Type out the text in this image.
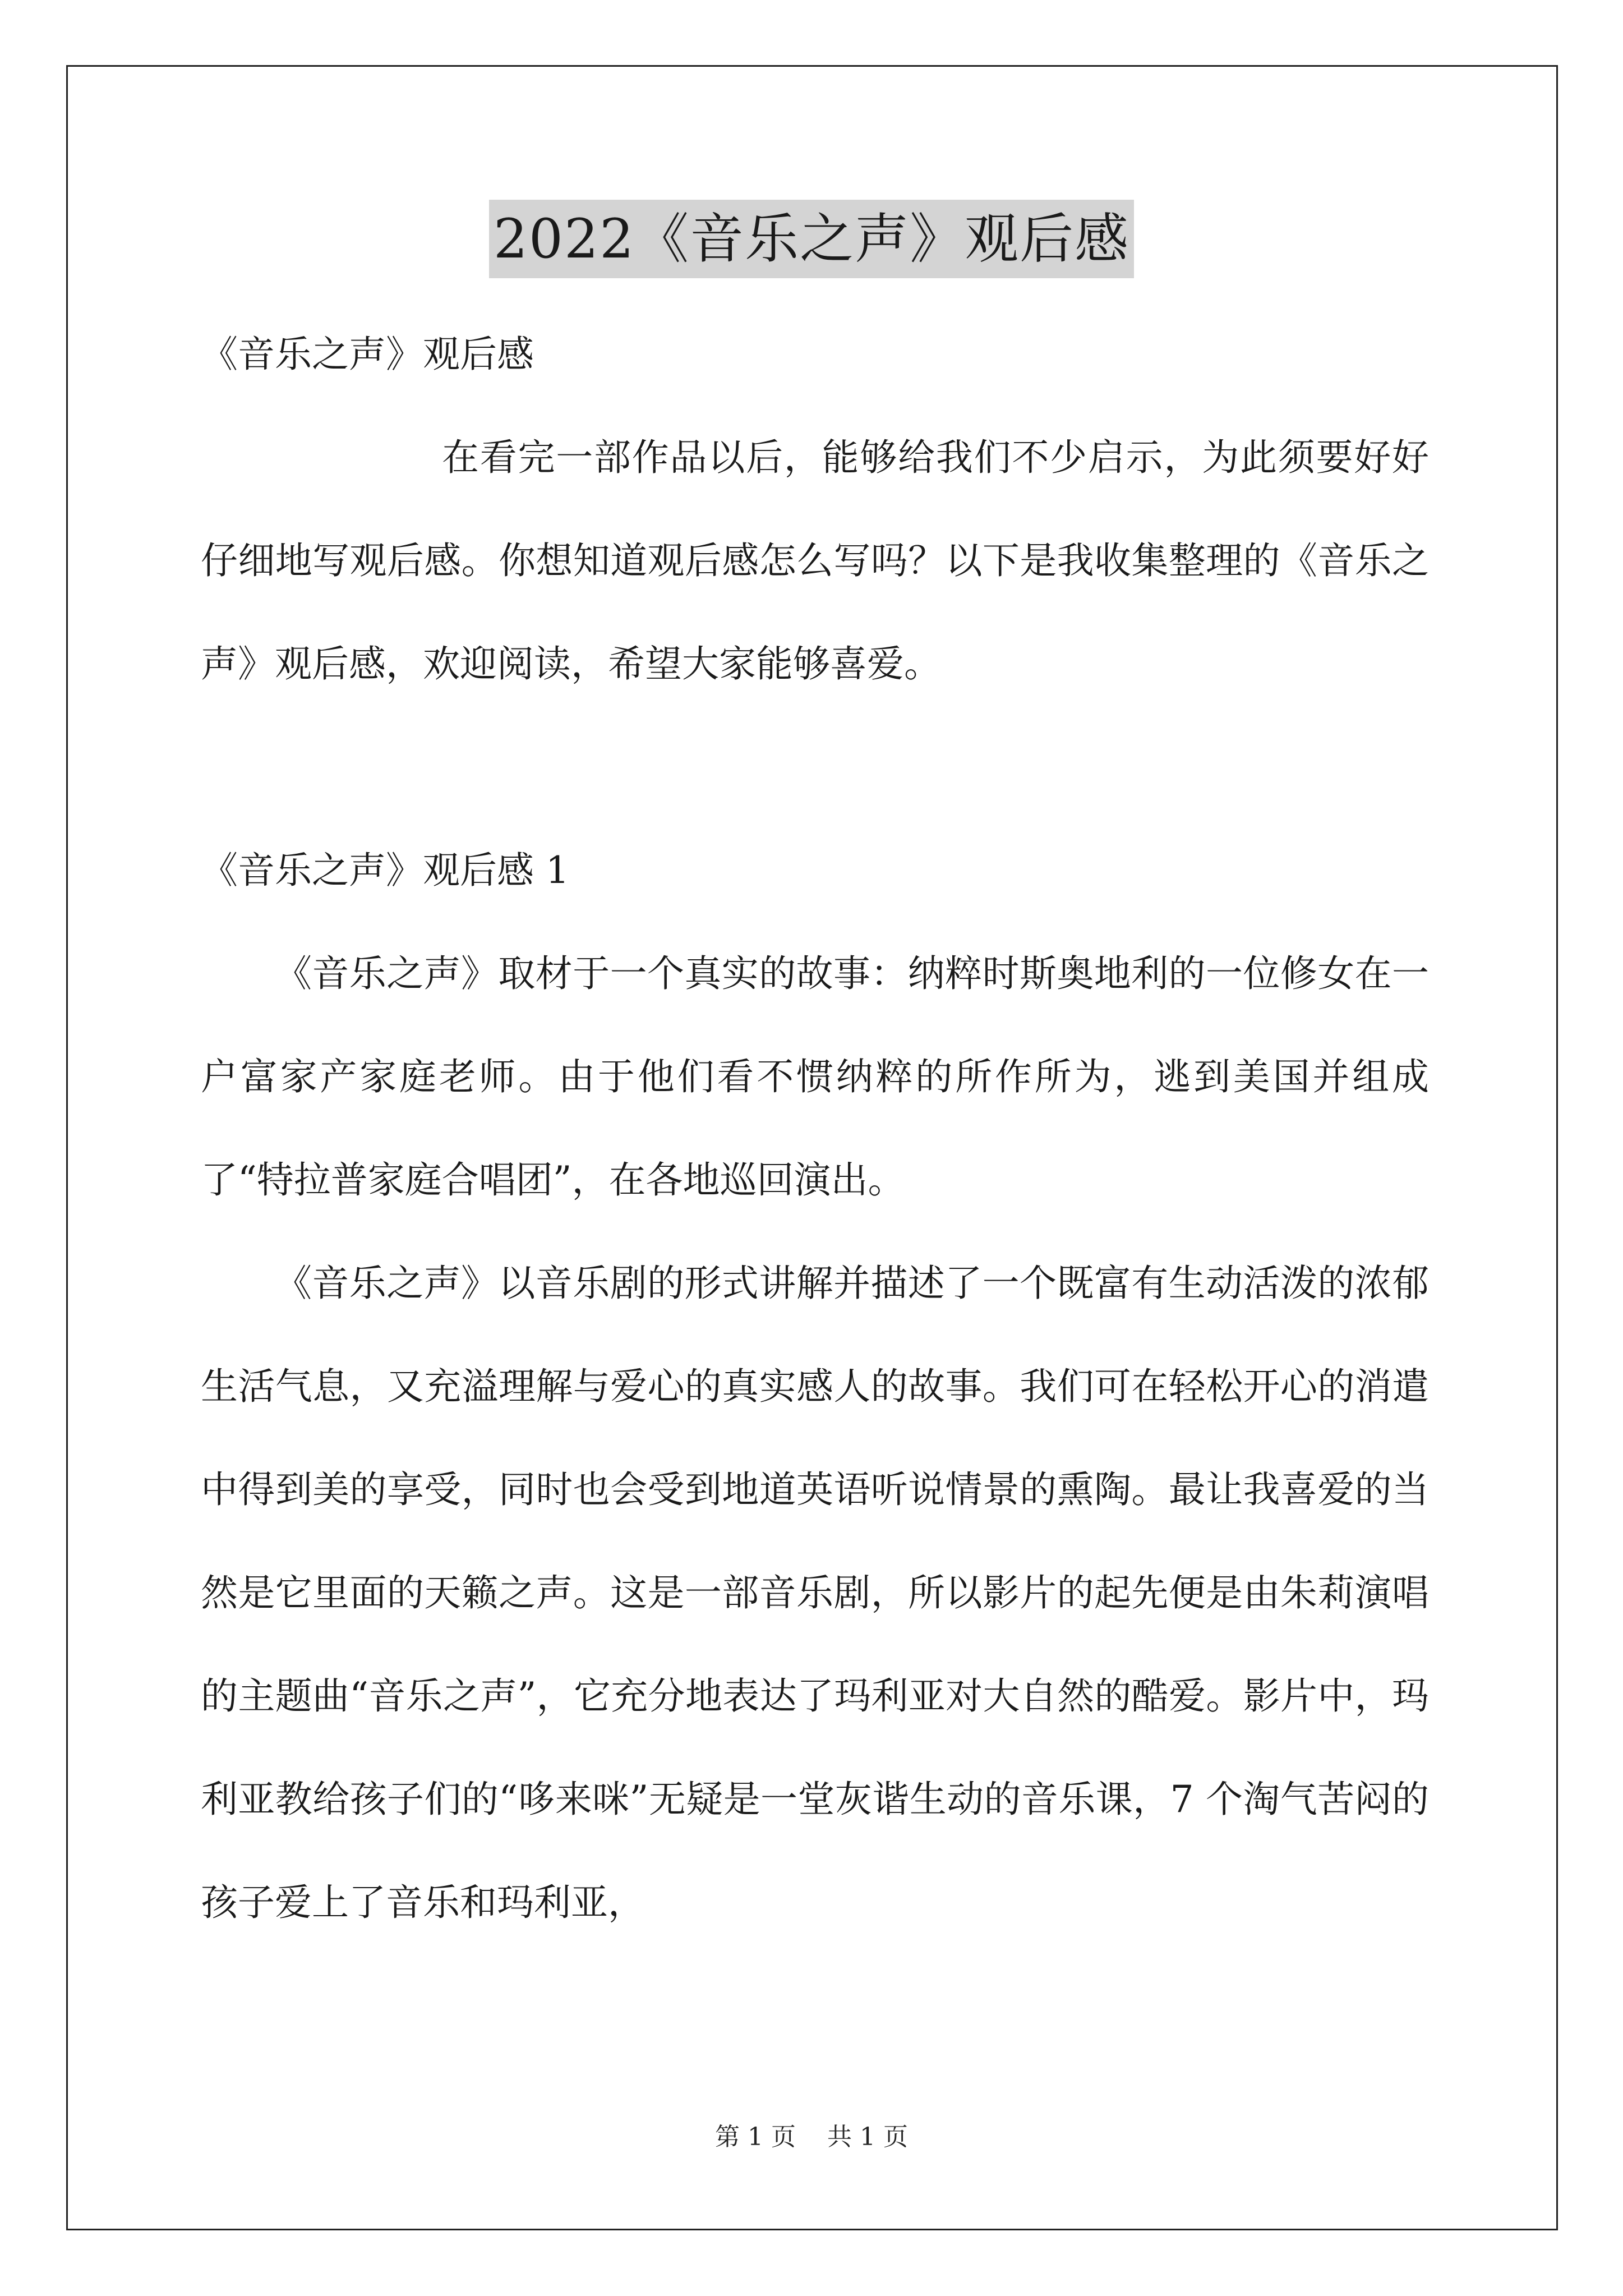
2022《音乐之声》观后感

《音乐之声》观后感

在看完一部作品以后，能够给我们不少启示，为此须要好好仔细地写观后感。你想知道观后感怎么写吗？以下是我收集整理的《音乐之声》观后感，欢迎阅读，希望大家能够喜爱。

《音乐之声》观后感 1

《音乐之声》取材于一个真实的故事：纳粹时斯奥地利的一位修女在一户富家产家庭老师。由于他们看不惯纳粹的所作所为，逃到美国并组成了“特拉普家庭合唱团”，在各地巡回演出。

《音乐之声》以音乐剧的形式讲解并描述了一个既富有生动活泼的浓郁生活气息，又充溢理解与爱心的真实感人的故事。我们可在轻松开心的消遣中得到美的享受，同时也会受到地道英语听说情景的熏陶。最让我喜爱的当然是它里面的天籁之声。这是一部音乐剧，所以影片的起先便是由朱莉演唱的主题曲“音乐之声”，它充分地表达了玛利亚对大自然的酷爱。影片中，玛利亚教给孩子们的“哆来咪”无疑是一堂灰谐生动的音乐课，7 个淘气苦闷的孩子爱上了音乐和玛利亚，

第 1 页 共 1 页
